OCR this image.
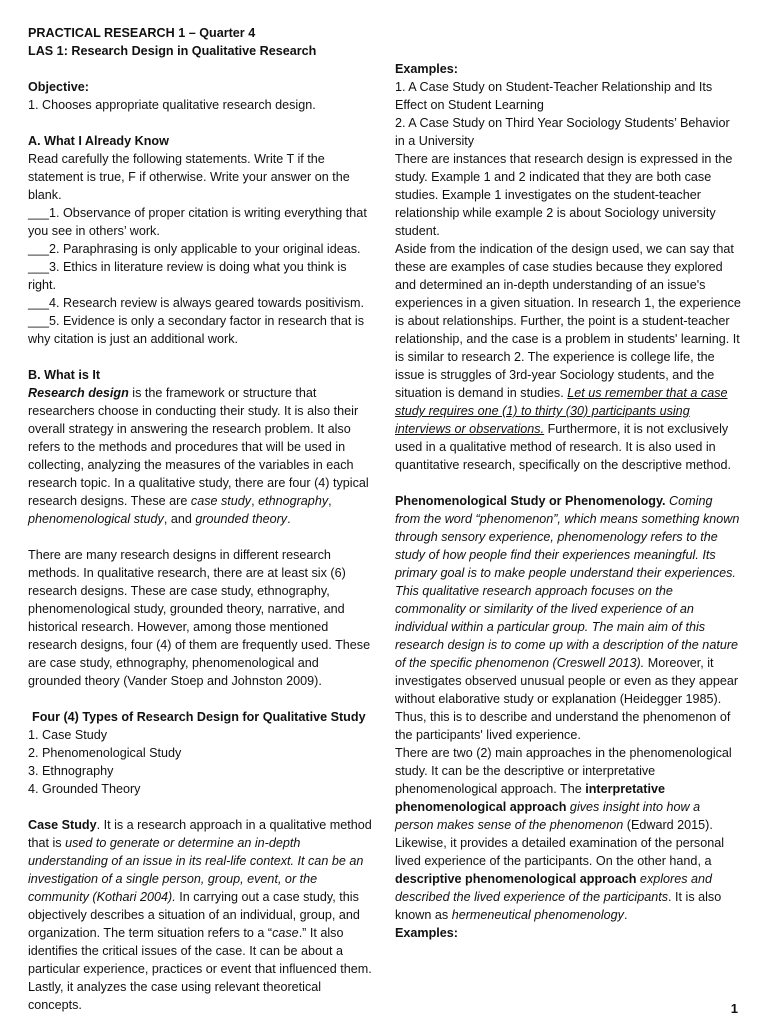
PRACTICAL RESEARCH 1 – Quarter 4

LAS 1: Research Design in Qualitative Research

Objective:

1. Chooses appropriate qualitative research design.

A. What I Already Know

Read carefully the following statements. Write T if the statement is true, F if otherwise. Write your answer on the blank.

___1. Observance of proper citation is writing everything that you see in others’ work.

___2. Paraphrasing is only applicable to your original ideas.

___3. Ethics in literature review is doing what you think is right.

___4. Research review is always geared towards positivism.

___5. Evidence is only a secondary factor in research that is why citation is just an additional work.

B. What is It

Research design is the framework or structure that researchers choose in conducting their study. It is also their overall strategy in answering the research problem. It also refers to the methods and procedures that will be used in collecting, analyzing the measures of the variables in each research topic. In a qualitative study, there are four (4) typical research designs. These are case study, ethnography, phenomenological study, and grounded theory.

There are many research designs in different research methods. In qualitative research, there are at least six (6) research designs. These are case study, ethnography, phenomenological study, grounded theory, narrative, and historical research. However, among those mentioned research designs, four (4) of them are frequently used. These are case study, ethnography, phenomenological and grounded theory (Vander Stoep and Johnston 2009).

Four (4) Types of Research Design for Qualitative Study

1. Case Study

2. Phenomenological Study

3. Ethnography

4. Grounded Theory

Case Study. It is a research approach in a qualitative method that is used to generate or determine an in-depth understanding of an issue in its real-life context. It can be an investigation of a single person, group, event, or the community (Kothari 2004). In carrying out a case study, this objectively describes a situation of an individual, group, and organization. The term situation refers to a “case.” It also identifies the critical issues of the case. It can be about a particular experience, practices or event that influenced them. Lastly, it analyzes the case using relevant theoretical concepts.

Examples:

1. A Case Study on Student-Teacher Relationship and Its Effect on Student Learning

2. A Case Study on Third Year Sociology Students’ Behavior in a University

There are instances that research design is expressed in the study. Example 1 and 2 indicated that they are both case studies. Example 1 investigates on the student-teacher relationship while example 2 is about Sociology university student.

Aside from the indication of the design used, we can say that these are examples of case studies because they explored and determined an in-depth understanding of an issue's experiences in a given situation. In research 1, the experience is about relationships. Further, the point is a student-teacher relationship, and the case is a problem in students' learning. It is similar to research 2. The experience is college life, the issue is struggles of 3rd-year Sociology students, and the situation is demand in studies. Let us remember that a case study requires one (1) to thirty (30) participants using interviews or observations. Furthermore, it is not exclusively used in a qualitative method of research. It is also used in quantitative research, specifically on the descriptive method.

Phenomenological Study or Phenomenology. Coming from the word “phenomenon”, which means something known through sensory experience, phenomenology refers to the study of how people find their experiences meaningful. Its primary goal is to make people understand their experiences. This qualitative research approach focuses on the commonality or similarity of the lived experience of an individual within a particular group. The main aim of this research design is to come up with a description of the nature of the specific phenomenon (Creswell 2013). Moreover, it investigates observed unusual people or even as they appear without elaborative study or explanation (Heidegger 1985). Thus, this is to describe and understand the phenomenon of the participants' lived experience.

There are two (2) main approaches in the phenomenological study. It can be the descriptive or interpretative phenomenological approach. The interpretative phenomenological approach gives insight into how a person makes sense of the phenomenon (Edward 2015). Likewise, it provides a detailed examination of the personal lived experience of the participants. On the other hand, a descriptive phenomenological approach explores and described the lived experience of the participants. It is also known as hermeneutical phenomenology.

Examples:

1
